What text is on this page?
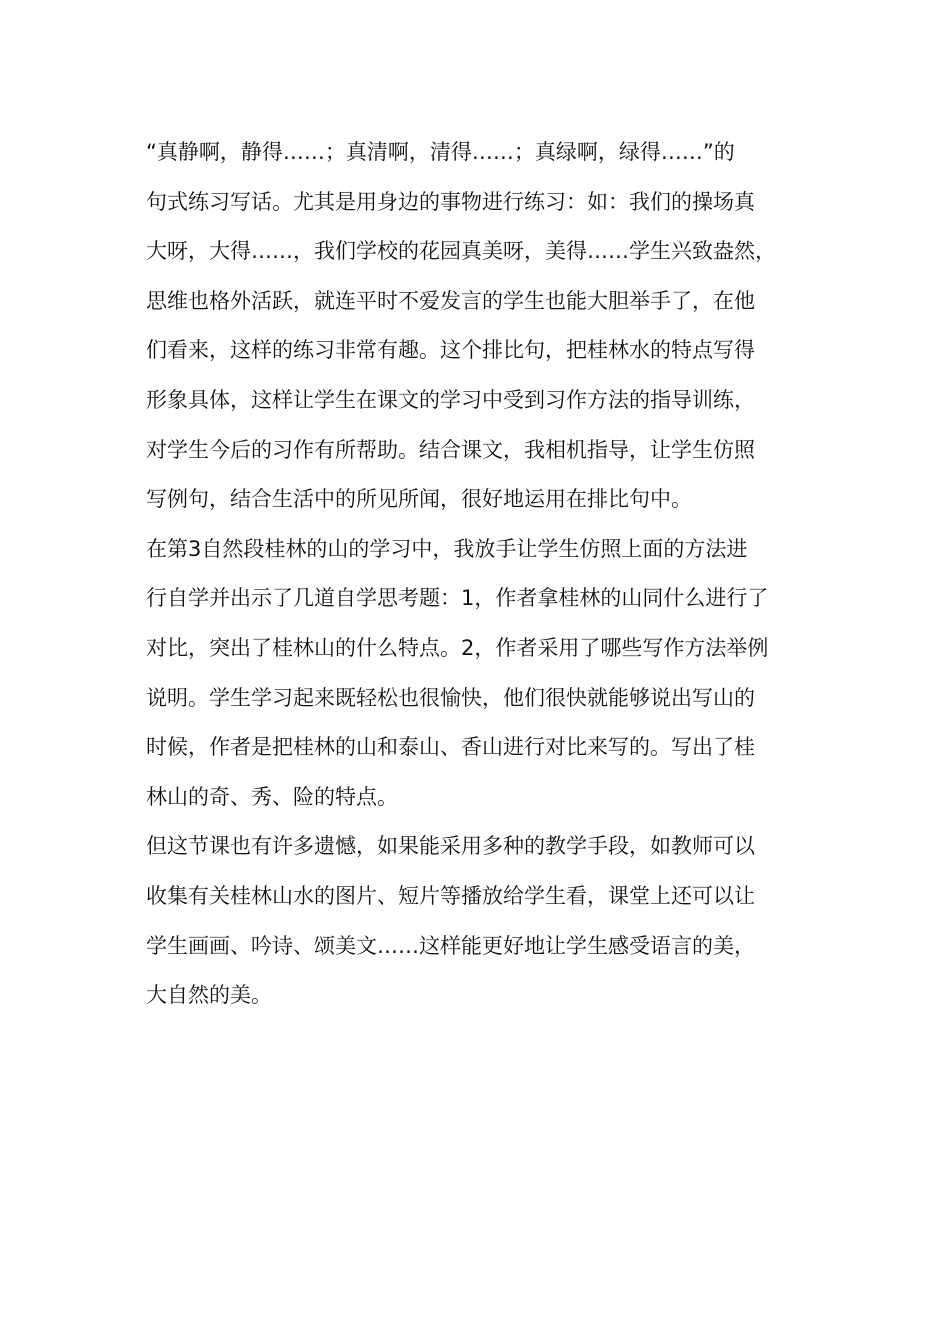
“真静啊，静得……；真清啊，清得……；真绿啊，绿得……”的
句式练习写话。尤其是用身边的事物进行练习：如：我们的操场真
大呀，大得……，我们学校的花园真美呀，美得……学生兴致盎然，
思维也格外活跃，就连平时不爱发言的学生也能大胆举手了，在他
们看来，这样的练习非常有趣。这个排比句，把桂林水的特点写得
形象具体，这样让学生在课文的学习中受到习作方法的指导训练，
对学生今后的习作有所帮助。结合课文，我相机指导，让学生仿照
写例句，结合生活中的所见所闻，很好地运用在排比句中。
在第3自然段桂林的山的学习中，我放手让学生仿照上面的方法进
行自学并出示了几道自学思考题：1，作者拿桂林的山同什么进行了
对比，突出了桂林山的什么特点。2，作者采用了哪些写作方法举例
说明。学生学习起来既轻松也很愉快，他们很快就能够说出写山的
时候，作者是把桂林的山和泰山、香山进行对比来写的。写出了桂
林山的奇、秀、险的特点。
但这节课也有许多遗憾，如果能采用多种的教学手段，如教师可以
收集有关桂林山水的图片、短片等播放给学生看，课堂上还可以让
学生画画、吟诗、颂美文……这样能更好地让学生感受语言的美，
大自然的美。
